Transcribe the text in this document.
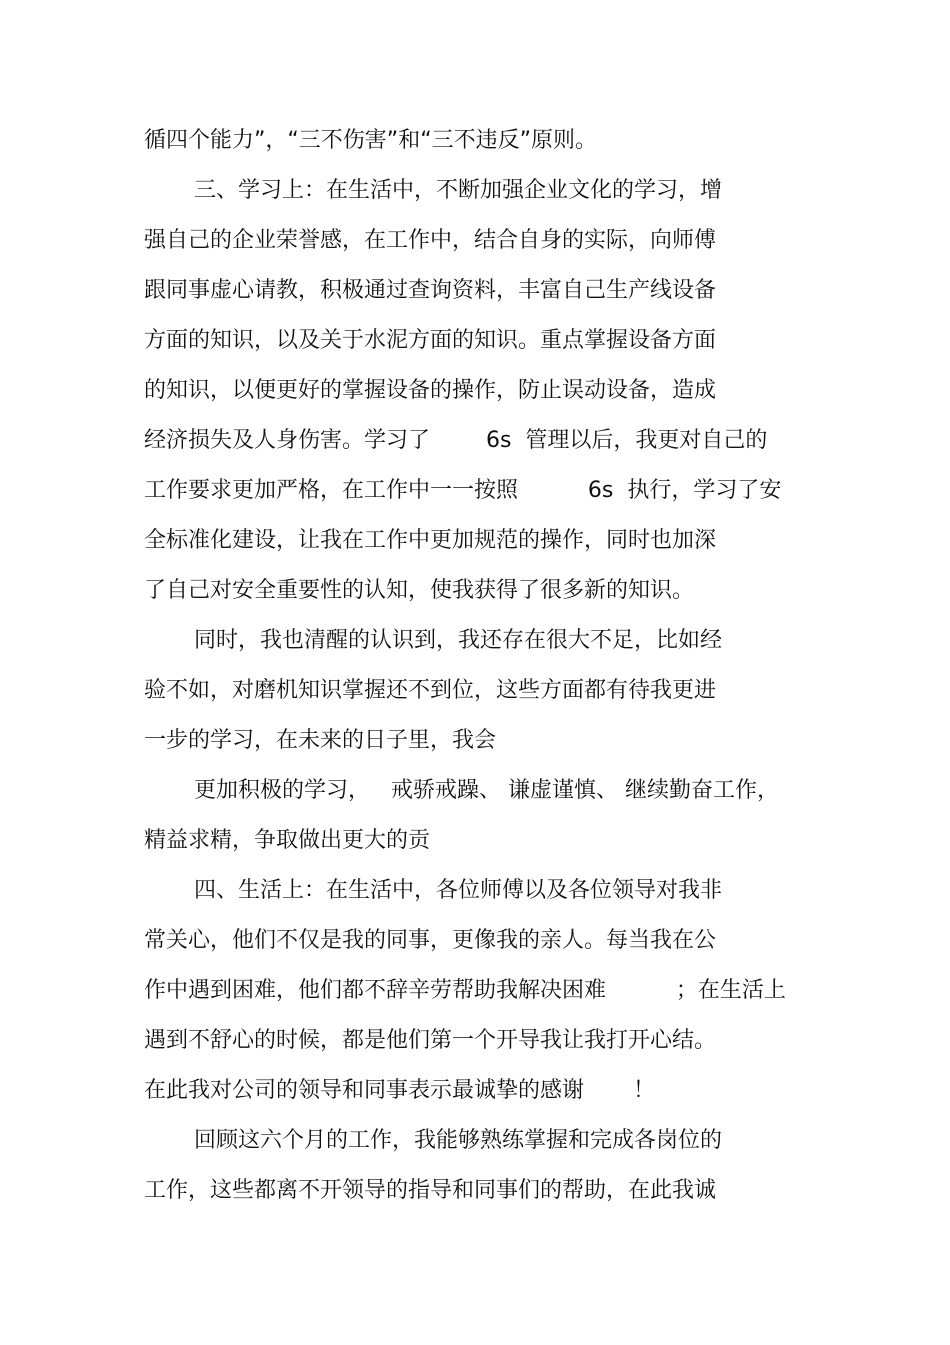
循四个能力”，“三不伤害”和“三不违反”原则。
三、学习上：在生活中，不断加强企业文化的学习，增
强自己的企业荣誉感，在工作中，结合自身的实际，向师傅
跟同事虚心请教，积极通过查询资料，丰富自己生产线设备
方面的知识，以及关于水泥方面的知识。重点掌握设备方面
的知识，以便更好的掌握设备的操作，防止误动设备，造成
经济损失及人身伤害。学习了        6s  管理以后，我更对自己的
工作要求更加严格，在工作中一一按照          6s  执行，学习了安
全标准化建设，让我在工作中更加规范的操作，同时也加深
了自己对安全重要性的认知，使我获得了很多新的知识。
同时，我也清醒的认识到，我还存在很大不足，比如经
验不如，对磨机知识掌握还不到位，这些方面都有待我更进
一步的学习，在未来的日子里，我会
更加积极的学习，   戒骄戒躁、 谦虚谨慎、 继续勤奋工作，
精益求精，争取做出更大的贡
四、生活上：在生活中，各位师傅以及各位领导对我非
常关心，他们不仅是我的同事，更像我的亲人。每当我在公
作中遇到困难，他们都不辞辛劳帮助我解决困难          ；在生活上
遇到不舒心的时候，都是他们第一个开导我让我打开心结。
在此我对公司的领导和同事表示最诚挚的感谢       ！
回顾这六个月的工作，我能够熟练掌握和完成各岗位的
工作，这些都离不开领导的指导和同事们的帮助，在此我诚
